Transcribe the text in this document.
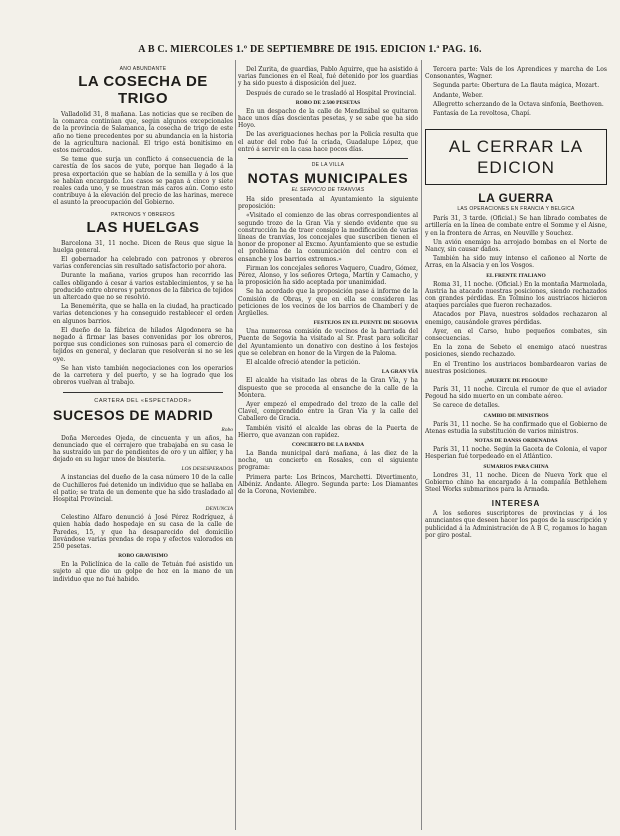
A B C. MIERCOLES 1.º DE SEPTIEMBRE DE 1915. EDICION 1.ª PAG. 16.
AÑO ABUNDANTE
LA COSECHA DE TRIGO

Valladolid 31, 8 mañana. Las noticias que se reciben de la comarca continúan que, según algunos excepcionales de la provincia de Salamanca, la cosecha de trigo de este año no tiene precedentes por su abundancia en la historia de la agricultura nacional. El trigo está bonitísimo en estos mercados.

Se teme que surja un conflicto á consecuencia de la carestía de los sacos de yute, porque han llegado á la presa exportación que se habían de la semilla y á los que se habían encargado. Los casos se pagan á cinco y siete reales cada uno, y se muestran más caros aún. Como esto contribuye á la elevación del precio de las harinas, merece el asunto la preocupación del Gobierno.

PATRONOS Y OBREROS
LAS HUELGAS

Barcelona 31, 11 noche. Dicen de Reus que sigue la huelga general.

El gobernador ha celebrado con patronos y obreros varias conferencias sin resultado satisfactorio por ahora.

Durante la mañana, varios grupos han recorrido las calles obligando á cesar á varios establecimientos, y se ha producido entre obreros y patronos de la fábrica de tejidos un altercado que no se resolvió.

La Benemérita, que se halla en la ciudad, ha practicado varias detenciones y ha conseguido restablecer el orden en algunos barrios.

El dueño de la fábrica de hilados Algodonera se ha negado á firmar las bases convenidas por los obreros, porque sus condiciones son ruinosas para el comercio de tejidos en general, y declaran que resolverán si no se les oye.

Se han visto también negociaciones con los operarios de la carretera y del puerto, y se ha logrado que los obreros vuelvan al trabajo.

CARTERA DEL «ESPECTADOR»
SUCESOS DE MADRID
Robo

Doña Mercedes Ojeda, de cincuenta y un años, ha denunciado que el cerrajero que trabajaba en su casa le ha sustraído un par de pendientes de oro y un alfiler, y ha dejado en su lugar unos de bisutería.

LOS DESESPERADOS

A instancias del dueño de la casa número 10 de la calle de Cuchilleros fué detenido un individuo que se hallaba en el patio; se trata de un demente que ha sido trasladado al Hospital Provincial.

DENUNCIA

Celestino Alfaro denunció á José Pérez Rodríguez, á quien había dado hospedaje en su casa de la calle de Paredes, 15, y que ha desaparecido del domicilio llevándose varias prendas de ropa y efectos valorados en 250 pesetas.

ROBO GRAVISIMO

En la Policlínica de la calle de Tetuán fué asistido un sujeto al que dio un golpe de hoz en la mano de un individuo que no fué habido.

Del Zurita, de guardias, Pablo Aguirre, que ha asistido á varias funciones en el Real, fué detenido por los guardias y ha sido puesto á disposición del juez.

Después de curado se le trasladó al Hospital Provincial.

ROBO DE 2.500 PESETAS

En un despacho de la calle de Mendizábal se quitaron hace unos días doscientas pesetas, y se sabe que ha sido Hoyo.

De las averiguaciones hechas por la Policía resulta que el autor del robo fué la criada, Guadalupe López, que entró á servir en la casa hace pocos días.

DE LA VILLA
NOTAS MUNICIPALES
EL SERVICIO DE TRANVIAS

Ha sido presentada al Ayuntamiento la siguiente proposición:

«Visitado el comienzo de las obras correspondientes al segundo trozo de la Gran Vía y siendo evidente que su construcción ha de traer consigo la modificación de varias líneas de tranvías, los concejales que suscriben tienen el honor de proponer al Excmo. Ayuntamiento que se estudie el problema de la comunicación del centro con el ensanche y los barrios extremos.»

Firman los concejales señores Vaquero, Cuadro, Gómez, Pérez, Alonso, y los señores Ortega, Martín y Camacho, y la proposición ha sido aceptada por unanimidad.

Se ha acordado que la proposición pase á informe de la Comisión de Obras, y que en ella se consideren las peticiones de los vecinos de los barrios de Chamberí y de Argüelles.

FESTEJOS EN EL PUENTE DE SEGOVIA

Una numerosa comisión de vecinos de la barriada del Puente de Segovia ha visitado al Sr. Prast para solicitar del Ayuntamiento un donativo con destino á los festejos que se celebran en honor de la Virgen de la Paloma.

El alcalde ofreció atender la petición.

LA GRAN VÍA

El alcalde ha visitado las obras de la Gran Vía, y ha dispuesto que se proceda al ensanche de la calle de la Montera.

Ayer empezó el empedrado del trozo de la calle del Clavel, comprendido entre la Gran Vía y la calle del Caballero de Gracia.

También visitó el alcalde las obras de la Puerta de Hierro, que avanzan con rapidez.

CONCIERTO DE LA BANDA

La Banda municipal dará mañana, á las diez de la noche, un concierto en Rosales, con el siguiente programa:

Primera parte: Los Brincos, Marchetti. Divertimento, Albéniz. Andante. Allegro. Segunda parte: Los Diamantes de la Corona, Noviembre.

Tercera parte: Vals de los Aprendices y marcha de Los Consonantes, Wagner.

Segunda parte: Obertura de La flauta mágica, Mozart.

Andante, Weber.

Allegretto scherzando de la Octava sinfonía, Beethoven.

Fantasía de La revoltosa, Chapí.

AL CERRAR LA EDICION
LA GUERRA
LAS OPERACIONES EN FRANCIA Y BELGICA

París 31, 3 tarde. (Oficial.) Se han librado combates de artillería en la línea de combate entre el Somme y el Aisne, y en la frontera de Arras, en Neuville y Souchez.

Un avión enemigo ha arrojado bombas en el Norte de Nancy, sin causar daños.

También ha sido muy intenso el cañoneo al Norte de Arras, en la Alsacia y en los Vosgos.

EL FRENTE ITALIANO

Roma 31, 11 noche. (Oficial.) En la montaña Marmolada, Austria ha atacado nuestras posiciones, siendo rechazados con grandes pérdidas. En Tolmino los austriacos hicieron ataques parciales que fueron rechazados.

Atacados por Plava, nuestros soldados rechazaron al enemigo, causándole graves pérdidas.

Ayer, en el Carso, hubo pequeños combates, sin consecuencias.

En la zona de Sebeto el enemigo atacó nuestras posiciones, siendo rechazado.

En el Trentino los austriacos bombardearon varias de nuestras posiciones.

¿MUERTE DE PEGOUD?

París 31, 11 noche. Circula el rumor de que el aviador Pegoud ha sido muerto en un combate aéreo.

Se carece de detalles.

CAMBIO DE MINISTROS

París 31, 11 noche. Se ha confirmado que el Gobierno de Atenas estudia la substitución de varios ministros.

NOTAS DE DANSS ORDENADAS

París 31, 11 noche. Según la Gaceta de Colonia, el vapor Hesperian fué torpedeado en el Atlántico.

SUMARIOS PARA CHINA

Londres 31, 11 noche. Dicen de Nueva York que el Gobierno chino ha encargado á la compañía Bethlehem Steel Works submarinos para la Armada.

INTERESA

A los señores suscriptores de provincias y á los anunciantes que deseen hacer los pagos de la suscripción y publicidad á la Administración de A B C, rogamos lo hagan por giro postal.
